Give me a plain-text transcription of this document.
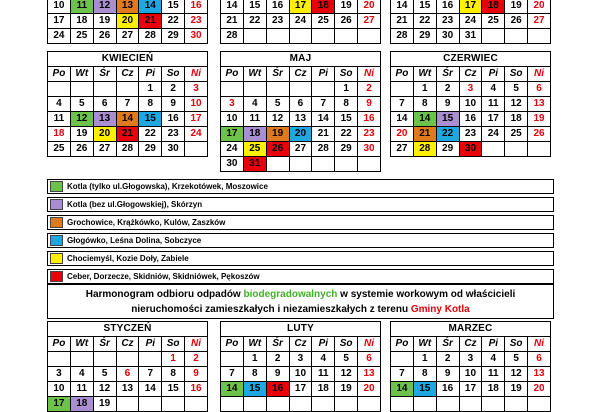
10	11	12	13	14	15	16
17	18	19	20	21	22	23
24	25	26	27	28	29	30
14	15	16	17	18	19	20
21	22	23	24	25	26	27
28						
14	15	16	17	18	19	20
21	22	23	24	25	26	27
28	29	30	31			
KWIECIEŃ						
Po	Wt	Śr	Cz	Pi	So	Ni
				1	2	3
4	5	6	7	8	9	10
11	12	13	14	15	16	17
18	19	20	21	22	23	24
25	26	27	28	29	30	
MAJ						
Po	Wt	Śr	Cz	Pi	So	Ni
					1	2
3	4	5	6	7	8	9
10	11	12	13	14	15	16
17	18	19	20	21	22	23
24	25	26	27	28	29	30
30	31					
CZERWIEC						
Po	Wt	Śr	Cz	Pi	So	Ni
	1	2	3	4	5	6
7	8	9	10	11	12	13
14	14	15	16	17	18	19
20	21	22	23	24	25	26
27	28	29	30			
Kotla (tylko ul.Głogowska), Krzekotówek, Moszowice
Kotla (bez ul.Głogowskiej), Skórzyn
Grochowice, Krążkówko, Kulów, Zaszków
Głogówko, Leśna Dolina, Sobczyce
Chociemyśl, Kozie Doły, Zabiele
Ceber, Dorzecze, Skidniów, Skidniówek, Pękoszów
Harmonogram odbioru odpadów biodegradowalnych w systemie workowym od właścicieli
nieruchomości zamieszkałych i niezamieszkałych z terenu Gminy Kotla
STYCZEŃ						
Po	Wt	Śr	Cz	Pi	So	Ni
					1	2
3	4	5	6	7	8	9
10	11	12	13	14	15	16
17	18	19				
LUTY						
Po	Wt	Śr	Cz	Pi	So	Ni
	1	2	3	4	5	6
7	8	9	10	11	12	13
14	15	16	17	18	19	20

MARZEC						
Po	Wt	Śr	Cz	Pi	So	Ni
	1	2	3	4	5	6
7	8	9	10	11	12	13
14	15	16	17	18	19	20
